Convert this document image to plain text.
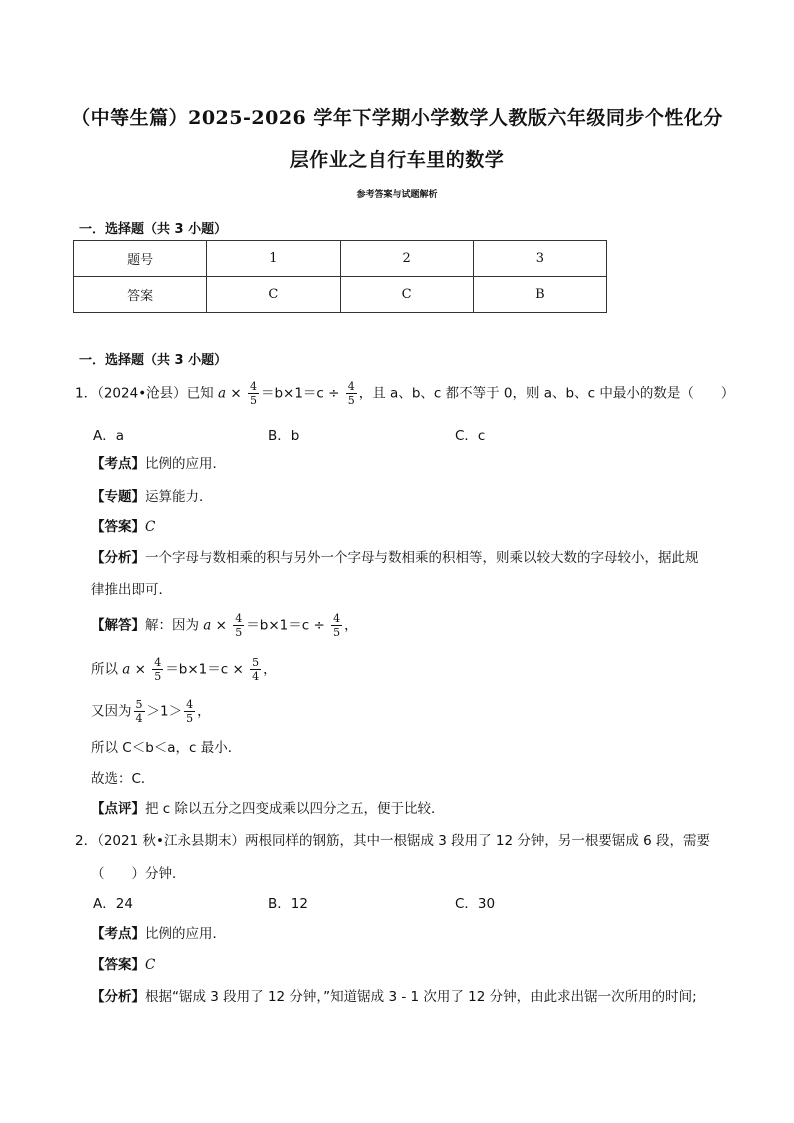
（中等生篇）2025-2026 学年下学期小学数学人教版六年级同步个性化分
层作业之自行车里的数学
参考答案与试题解析
一．选择题（共 3 小题）
题号	1	2	3
答案	C	C	B
一．选择题（共 3 小题）
1．（2024•沧县）已知 $a \times \frac{4}{5} =b\times 1=c \div \frac{4}{5}$ ，且 a、b、c 都不等于 0，则 a、b、c 中最小的数是（　　）
A．a	B．b	C．c
【考点】比例的应用．
【专题】运算能力．
【答案】C
【分析】一个字母与数相乘的积与另外一个字母与数相乘的积相等，则乘以较大数的字母较小，据此规
律推出即可．
【解答】解：因为 $a \times \frac{4}{5} =b\times 1=c \div \frac{4}{5}$ ，
所以 $a \times \frac{4}{5} =b\times 1=c \times \frac{5}{4}$ ，
又因为 $\frac{5}{4} >1> \frac{4}{5}$ ，
所以 C＜b＜a，c 最小．
故选：C．
【点评】把 c 除以五分之四变成乘以四分之五，便于比较．
2．（2021 秋•江永县期末）两根同样的钢筋，其中一根锯成 3 段用了 12 分钟，另一根要锯成 6 段，需要
（　　）分钟．
A．24	B．12	C．30
【考点】比例的应用．
【答案】C
【分析】根据“锯成 3 段用了 12 分钟，”知道锯成 3 - 1 次用了 12 分钟，由此求出锯一次所用的时间;
